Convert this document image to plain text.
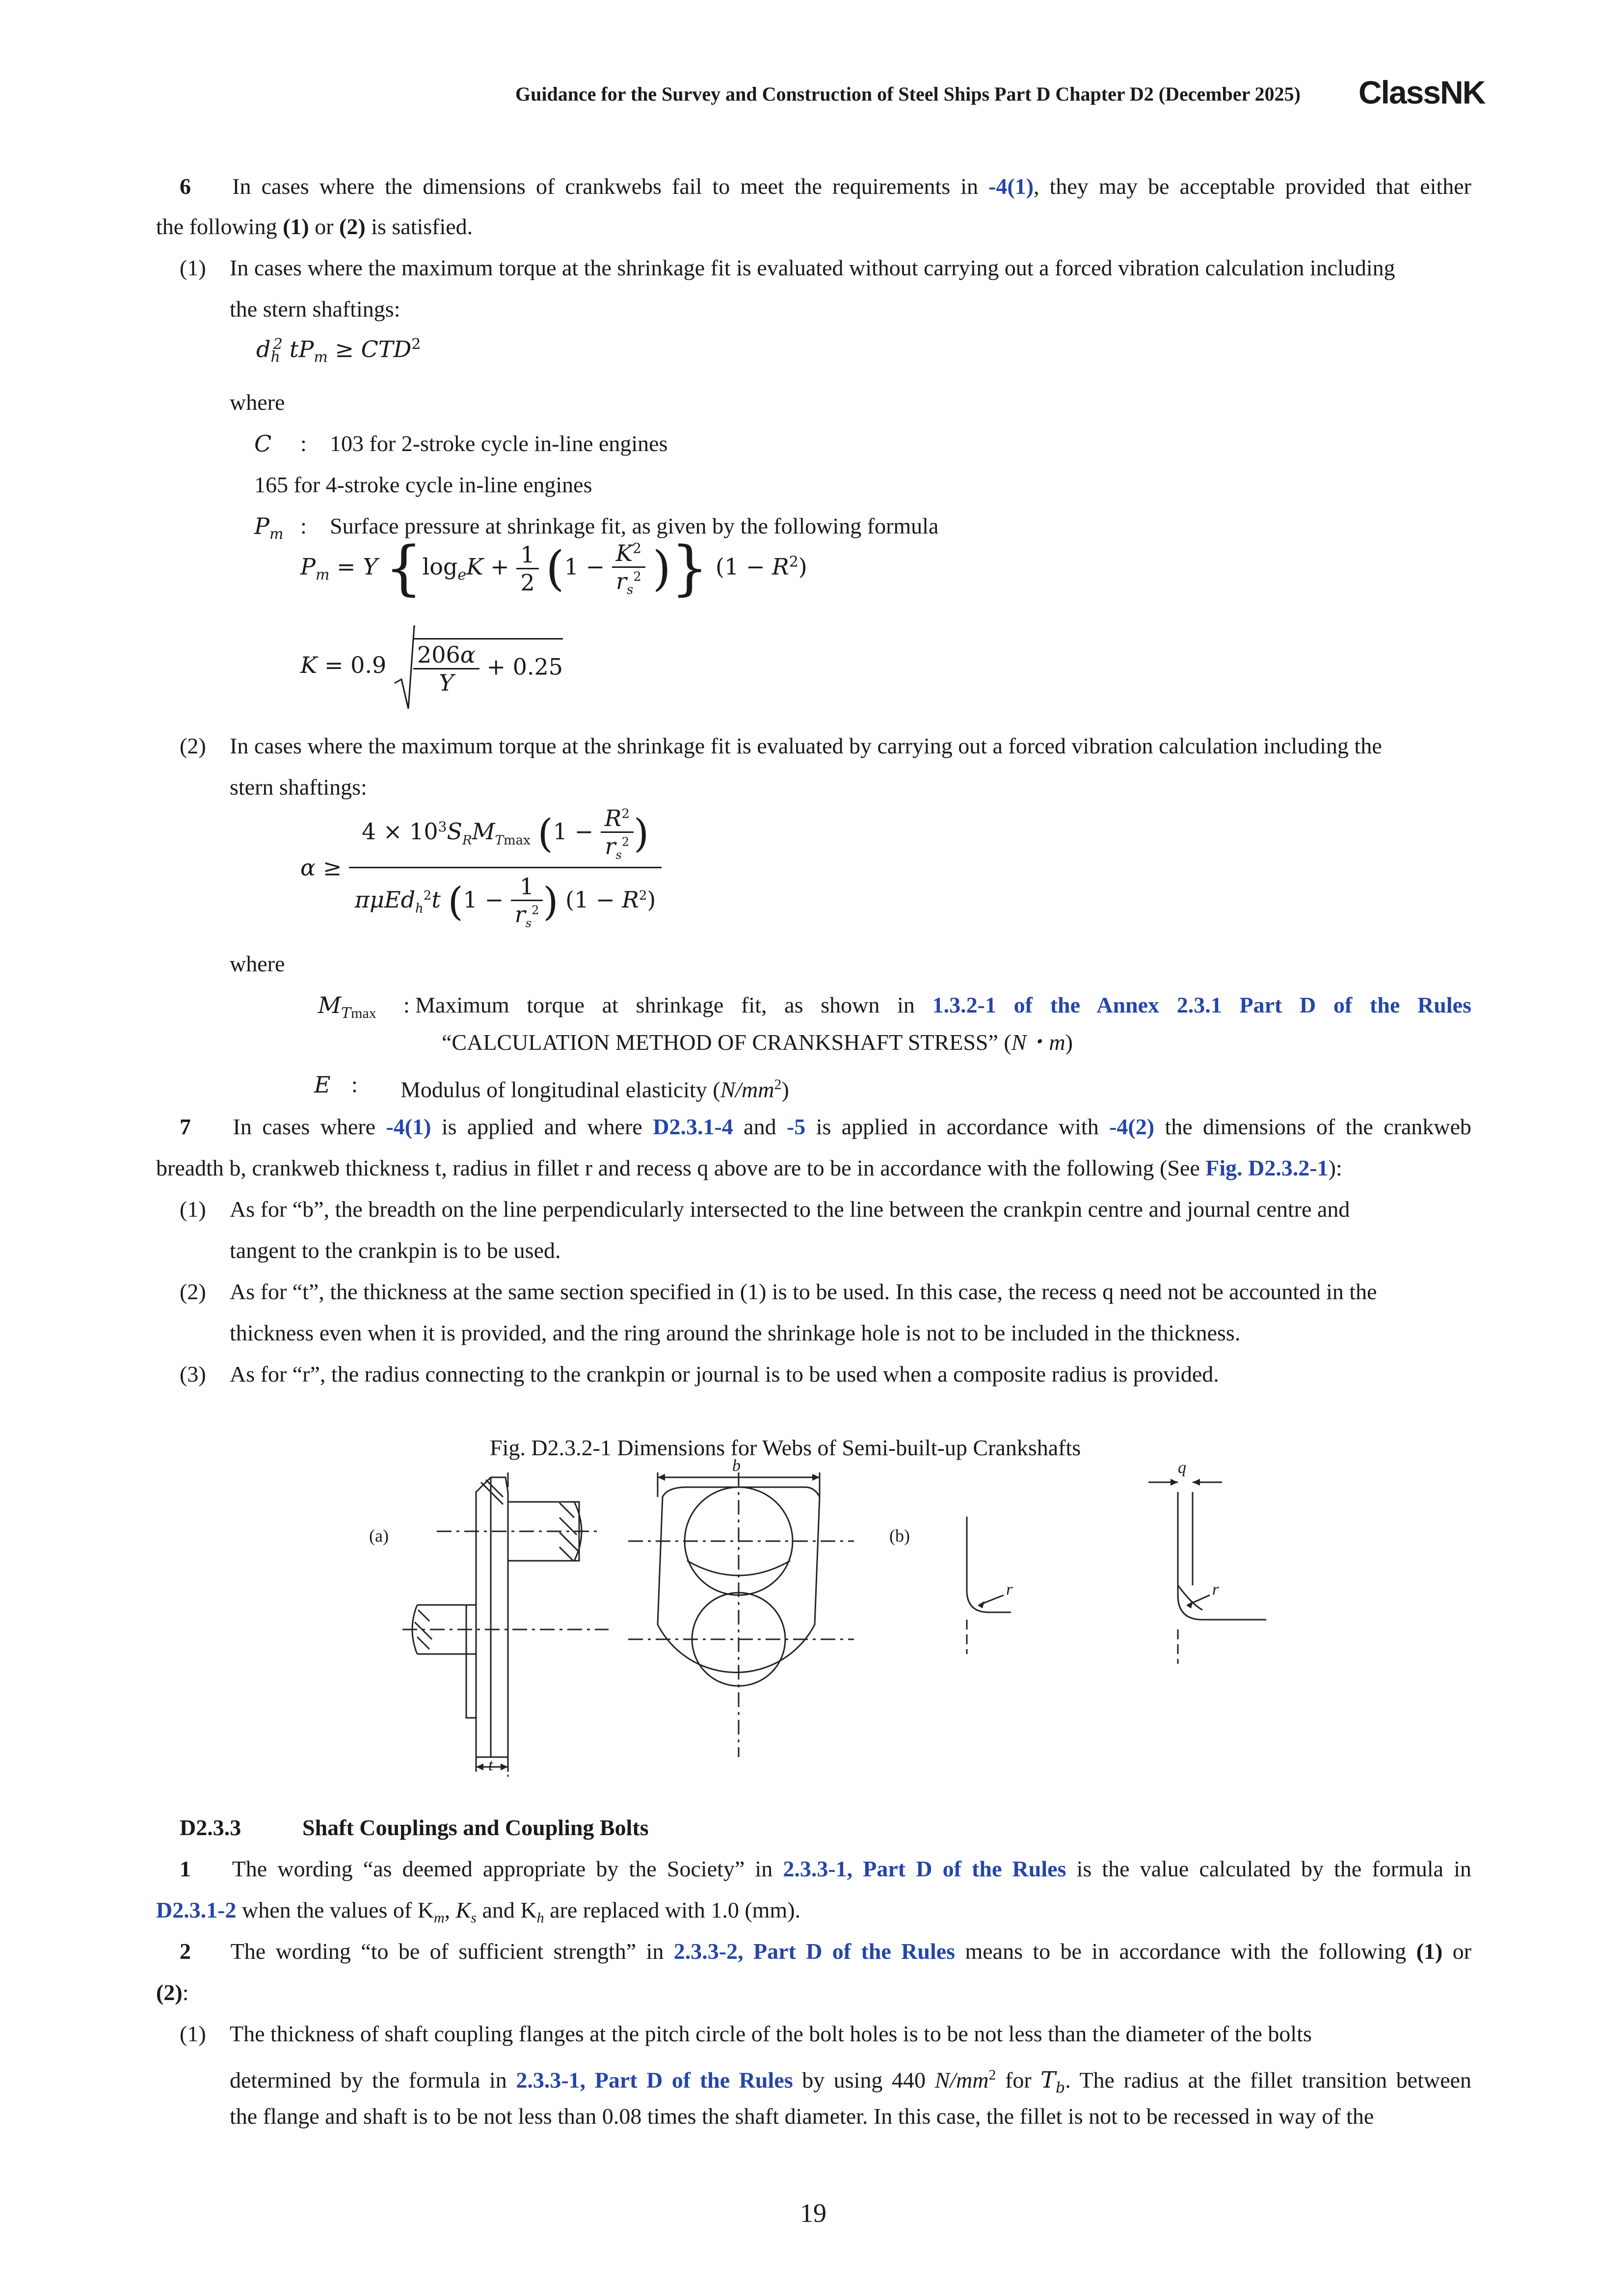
Guidance for the Survey and Construction of Steel Ships Part D Chapter D2 (December 2025) ClassNK
6 In cases where the dimensions of crankwebs fail to meet the requirements in -4(1), they may be acceptable provided that either
the following (1) or (2) is satisfied.
(1) In cases where the maximum torque at the shrinkage fit is evaluated without carrying out a forced vibration calculation including
the stern shaftings:
$d_h^2$ $tP_m \ge CTD^2$
where
C : 103 for 2-stroke cycle in-line engines
165 for 4-stroke cycle in-line engines
$P_m$ : Surface pressure at shrinkage fit, as given by the following formula
$P_m = Y$ {$\log_eK + \frac{1}{2} (1 - \frac{K^2}{r_s^2}$ )} $(1 - R^2)$
$K = 0.9 \frac{206\alpha}{Y} + 0.25$
(2) In cases where the maximum torque at the shrinkage fit is evaluated by carrying out a forced vibration calculation including the
stern shaftings:
$\alpha \ge \frac{4 \times 10^3S_RM_{Tmax} (1 - \frac{R^2}{r_s^2} )}{\pi\mu Ed_h^2t (1 - \frac{1}{r_s^2} ) (1 - R^2)}$
where
$M_{Tmax}$ : Maximum torque at shrinkage fit, as shown in 1.3.2-1 of the Annex 2.3.1 Part D of the Rules
“CALCULATION METHOD OF CRANKSHAFT STRESS” (N・m)
E : Modulus of longitudinal elasticity $(N/mm^2)$
7 In cases where -4(1) is applied and where D2.3.1-4 and -5 is applied in accordance with -4(2) the dimensions of the crankweb
breadth b, crankweb thickness t, radius in fillet r and recess q above are to be in accordance with the following (See Fig. D2.3.2-1):
(1) As for “b”, the breadth on the line perpendicularly intersected to the line between the crankpin centre and journal centre and
tangent to the crankpin is to be used.
(2) As for “t”, the thickness at the same section specified in (1) is to be used. In this case, the recess q need not be accounted in the
thickness even when it is provided, and the ring around the shrinkage hole is not to be included in the thickness.
(3) As for “r”, the radius connecting to the crankpin or journal is to be used when a composite radius is provided.
Fig. D2.3.2-1 Dimensions for Webs of Semi-built-up Crankshafts
(a)	(b)
b
t
r	r
q
D2.3.3	Shaft Couplings and Coupling Bolts
1 The wording “as deemed appropriate by the Society” in 2.3.3-1, Part D of the Rules is the value calculated by the formula in
D2.3.1-2 when the values of $K_m$, $K_s$ and $K_h$ are replaced with 1.0 (mm).
2 The wording “to be of sufficient strength” in 2.3.3-2, Part D of the Rules means to be in accordance with the following (1) or
(2):
(1) The thickness of shaft coupling flanges at the pitch circle of the bolt holes is to be not less than the diameter of the bolts
determined by the formula in 2.3.3-1, Part D of the Rules by using 440 $N/mm^2$ for $T_b$. The radius at the fillet transition between
the flange and shaft is to be not less than 0.08 times the shaft diameter. In this case, the fillet is not to be recessed in way of the
19
